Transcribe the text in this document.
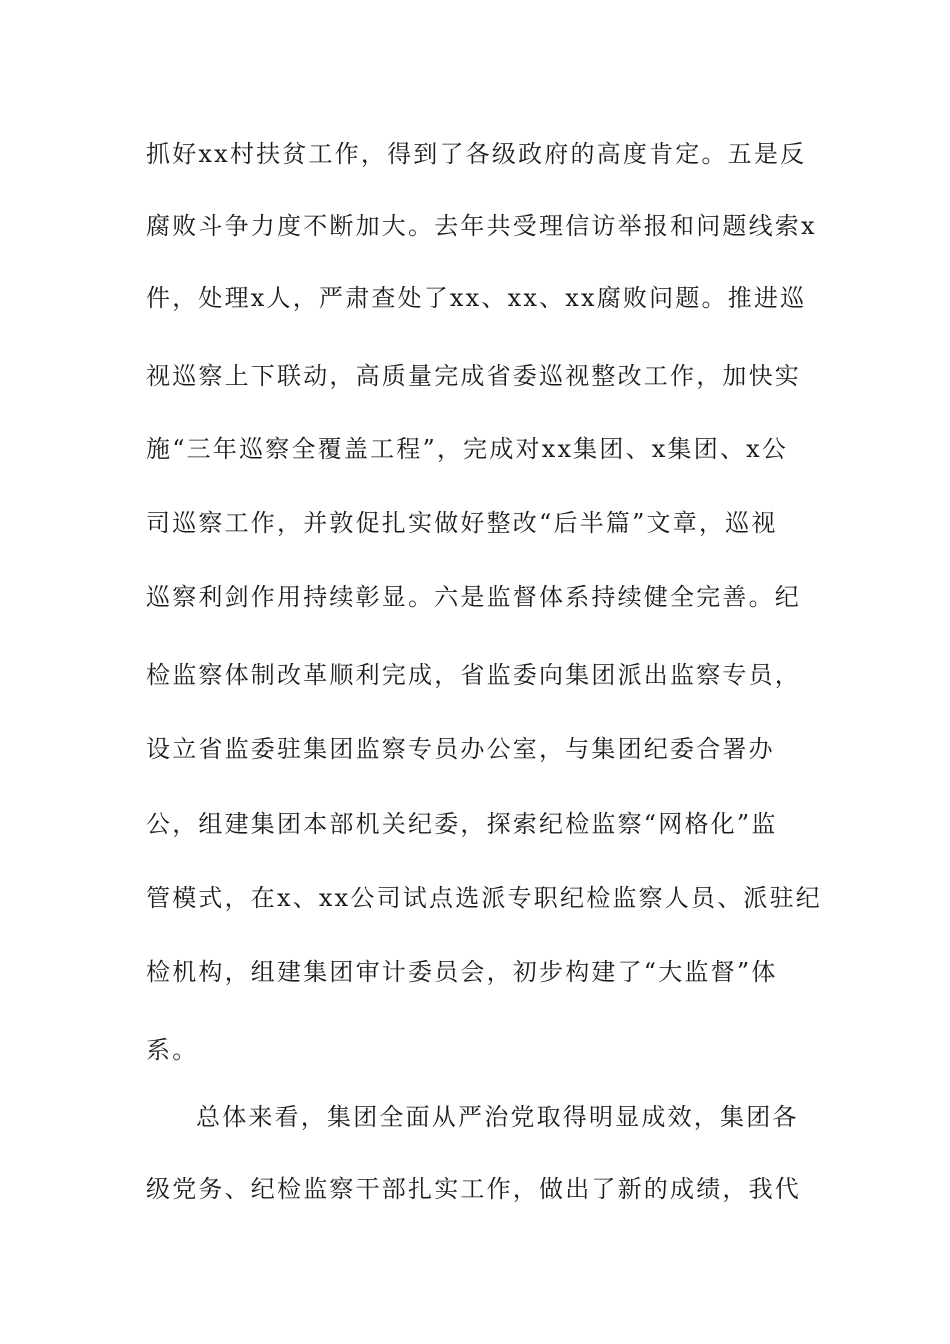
抓好xx村扶贫工作，得到了各级政府的高度肯定。五是反
腐败斗争力度不断加大。去年共受理信访举报和问题线索x
件，处理x人，严肃查处了xx、xx、xx腐败问题。推进巡
视巡察上下联动，高质量完成省委巡视整改工作，加快实
施“三年巡察全覆盖工程”，完成对xx集团、x集团、x公
司巡察工作，并敦促扎实做好整改“后半篇”文章，巡视
巡察利剑作用持续彰显。六是监督体系持续健全完善。纪
检监察体制改革顺利完成，省监委向集团派出监察专员，
设立省监委驻集团监察专员办公室，与集团纪委合署办
公，组建集团本部机关纪委，探索纪检监察“网格化”监
管模式，在x、xx公司试点选派专职纪检监察人员、派驻纪
检机构，组建集团审计委员会，初步构建了“大监督”体
系。
总体来看，集团全面从严治党取得明显成效，集团各
级党务、纪检监察干部扎实工作，做出了新的成绩，我代
